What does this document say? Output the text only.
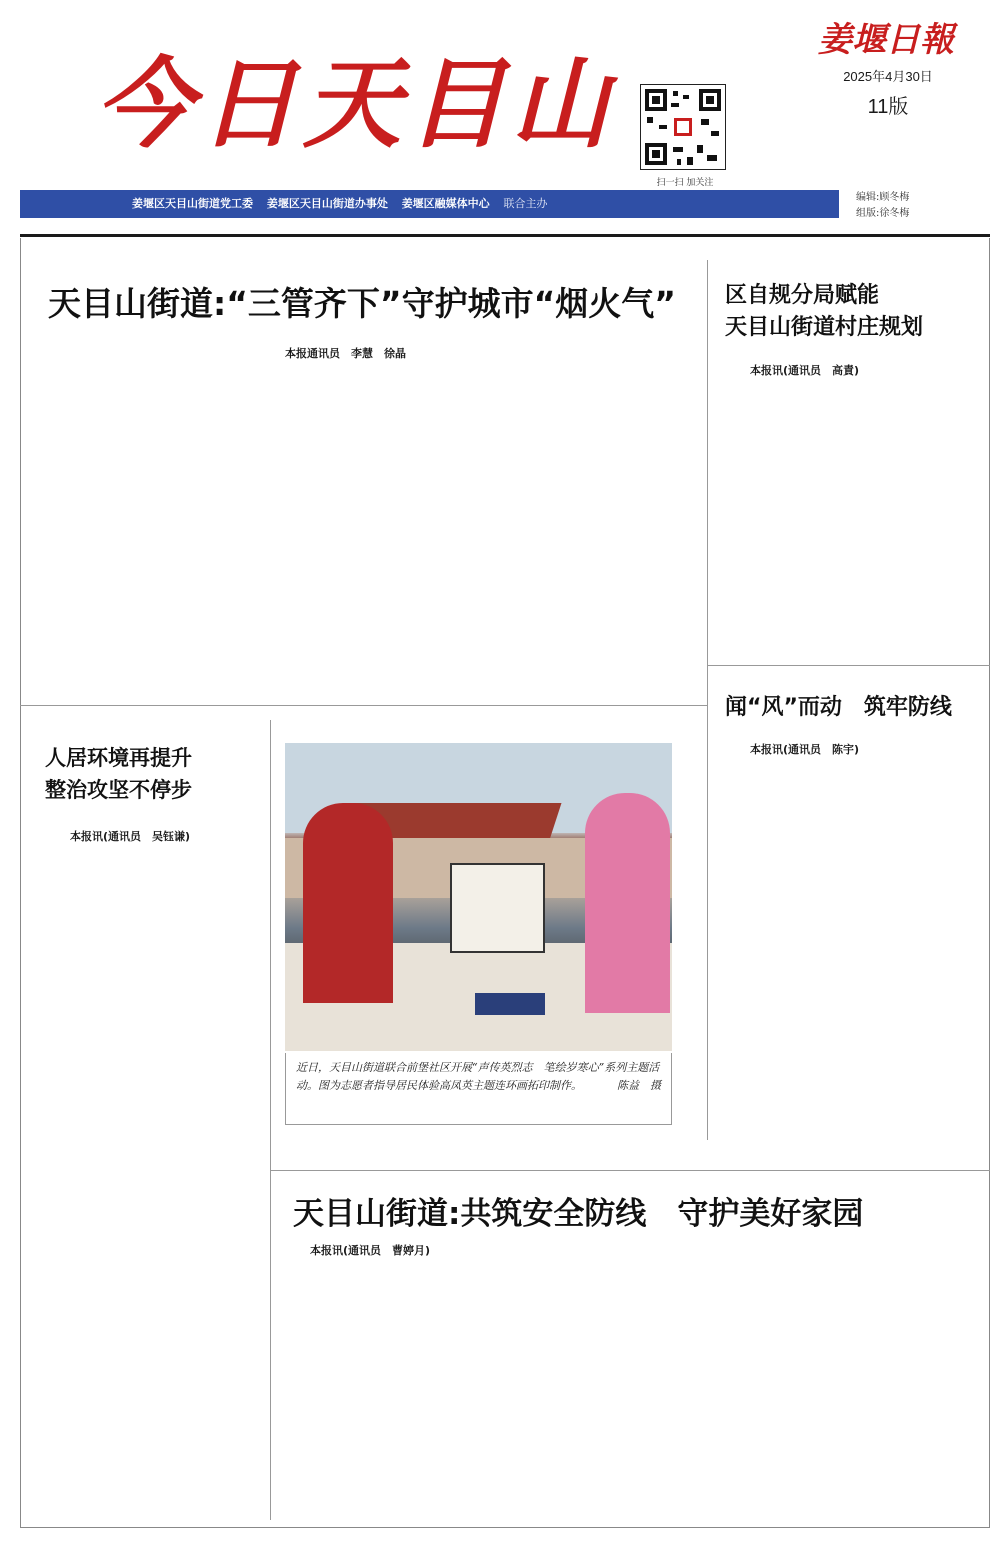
今日天目山
扫一扫 加关注
姜堰日報
2025年4月30日
11版
姜堰区天目山街道党工委 姜堰区天目山街道办事处 姜堰区融媒体中心 联合主办	编辑:顾冬梅
组版:徐冬梅
天目山街道:“三管齐下”守护城市“烟火气”
本报通讯员　李慧　徐晶
区自规分局赋能
天目山街道村庄规划
本报讯(通讯员　高責)
闻“风”而动　筑牢防线
本报讯(通讯员　陈宇)
人居环境再提升
整治攻坚不停步
本报讯(通讯员　吴钰谦)
近日，天目山街道联合前堡社区开展“声传英烈志　笔绘岁寒心”系列主题活动。图为志愿者指导居民体验高凤英主题连环画拓印制作。	陈益　摄
天目山街道:共筑安全防线　守护美好家园
本报讯(通讯员　曹婷月)
